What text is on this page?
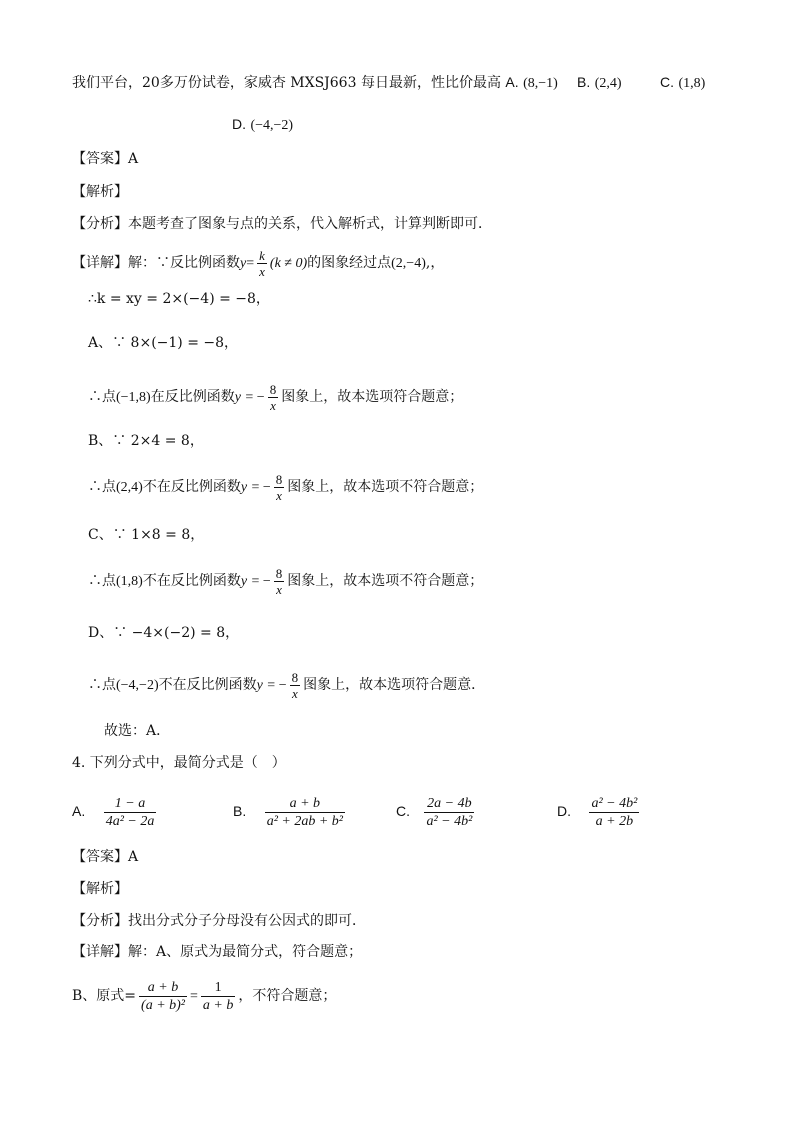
我们平台，20多万份试卷，家威杏 MXSJ663 每日最新，性比价最高 A. (8,−1) B. (2,4)	C. (1,8)
D. (−4,−2)
【答案】A
【解析】
【分析】本题考查了图象与点的关系，代入解析式，计算判断即可．
【详解】解：∵反比例函数$y= \frac{k}{x} (k \ne 0)$的图象经过点(2,−4),，
∴k = xy = 2×(−4) = −8，
A、∵ 8×(−1) = −8，
∴点(−1,8)在反比例函数y = − $\frac{8}{x}$ 图象上，故本选项符合题意；
B、∵ 2×4 = 8，
∴点(2,4)不在反比例函数y = − $\frac{8}{x}$ 图象上，故本选项不符合题意；
C、∵ 1×8 = 8，
∴点(1,8)不在反比例函数y = − $\frac{8}{x}$ 图象上，故本选项不符合题意；
D、∵ −4×(−2) = 8，
∴点(−4,−2)不在反比例函数y = − $\frac{8}{x}$ 图象上，故本选项符合题意．
故选：A．
4. 下列分式中，最简分式是（　）
A. $\frac{1 - a}{\text{4a² − 2a}}$	B. $\frac{a + b}{\text{a² + 2ab + b²}}$	C. $\frac{2a - 4b}{\text{a² − 4b²}}$	D. $\frac{\text{a² − 4b²}}{a + 2b}$
【答案】A
【解析】
【分析】找出分式分子分母没有公因式的即可．
【详解】解：A、原式为最简分式，符合题意；
B、原式= $\frac{a + b}{\text{(a + b)²}} = \frac{1}{a + b}$ ，不符合题意；
